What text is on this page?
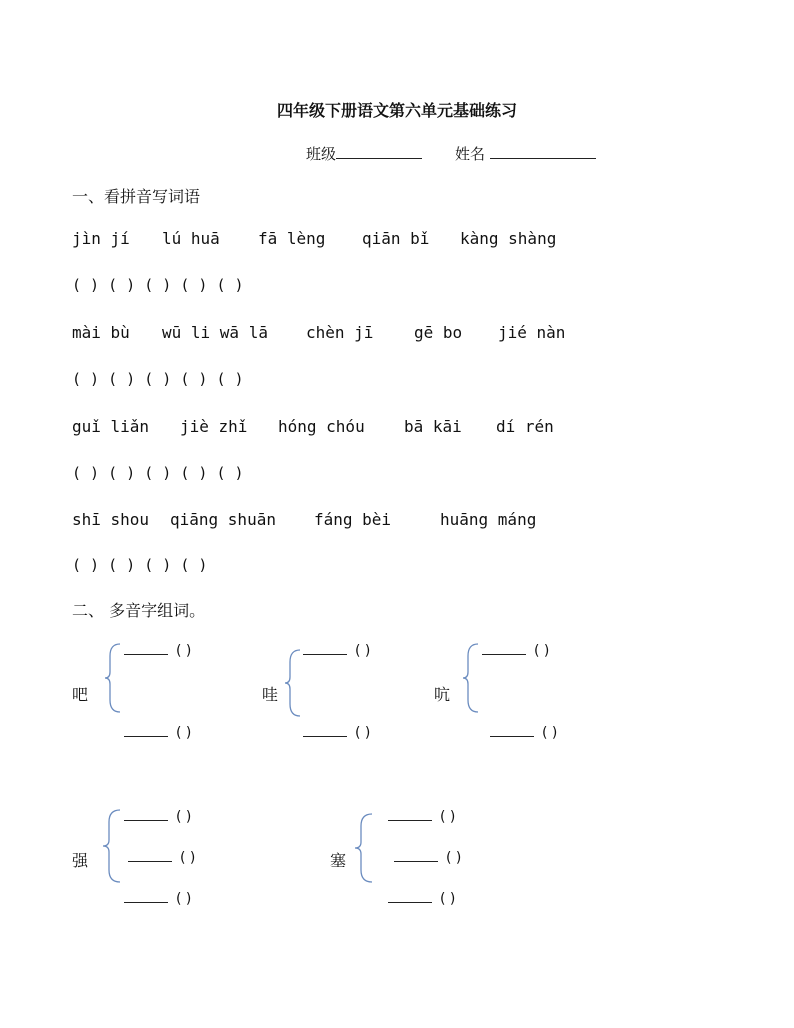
四年级下册语文第六单元基础练习
班级	姓名
一、看拼音写词语
jìn jí lú huā fā lèng qiān bǐ kàng shàng
( ) ( ) ( ) ( ) ( )
mài bù wū li wā lā chèn jī	gē bo jié nàn
( ) ( ) ( ) ( ) ( )
guǐ liǎn jiè zhǐ hóng chóu bā kāi dí rén
( ) ( ) ( ) ( ) ( )
shī shou qiāng shuān fáng bèi	huāng máng
( ) ( ) ( ) ( )
二、 多音字组词。
吧
( )
( )
哇
( )
( )
吭
( )
( )
强
( )
( )
( )
塞
( )
( )
( )
